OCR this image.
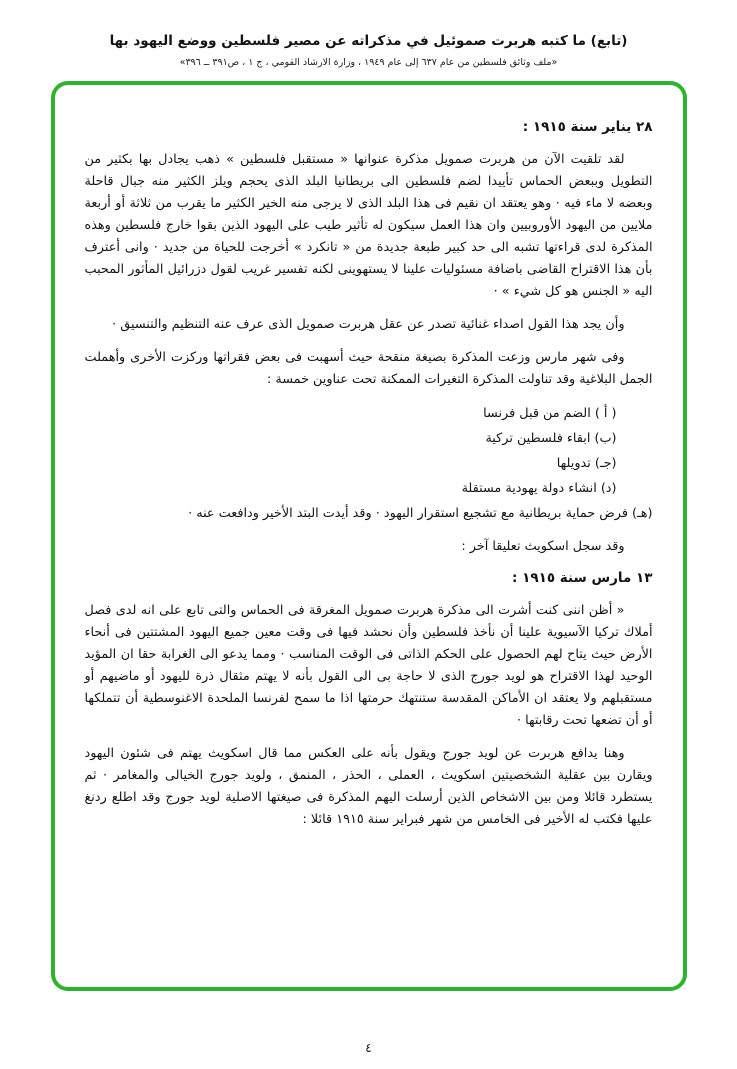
(تابع) ما كتبه هربرت صموئيل في مذكراته عن مصير فلسطين ووضع اليهود بها
«ملف وثائق فلسطين من عام ٦٣٧ إلى عام ١٩٤٩ ، وزارة الارشاد القومي ، ج ١ ، ص٣٩١ ــ ٣٩٦»
٢٨ يناير سنة ١٩١٥ :

لقد تلقيت الآن من هربرت صمويل مذكرة عنوانها « مستقبل فلسطين » ذهب يجادل بها بكثير من التطويل وببعض الحماس تأييدا لضم فلسطين الى بريطانيا البلد الذى يحجم ويلز الكثير منه جبال قاحلة وبعضه لا ماء فيه · وهو يعتقد ان نقيم فى هذا البلد الذى لا يرجى منه الخير الكثير ما يقرب من ثلاثة أو أربعة ملايين من اليهود الأوروبيين وان هذا العمل سيكون له تأثير طيب على اليهود الذين بقوا خارج فلسطين وهذه المذكرة لدى قراءتها تشبه الى حد كبير طبعة جديدة من « تانكرد » أخرجت للحياة من جديد · وانى أعترف بأن هذا الاقتراح القاضى باضافة مسئوليات علينا لا يستهوينى لكنه تفسير غريب لقول دزرائيل المأثور المحبب اليه « الجنس هو كل شيء » ·

وأن يجد هذا القول اصداء غنائية تصدر عن عقل هربرت صمويل الذى عرف عنه التنظيم والتنسيق ·

وفى شهر مارس وزعت المذكرة بصيغة منقحة حيث أسهبت فى بعض فقراتها وركزت الأخرى وأهملت الجمل البلاغية وقد تناولت المذكرة التغيرات الممكنة تحت عناوين خمسة :

( أ ) الضم من قبل فرنسا
(ب) ابقاء فلسطين تركية
(جـ) تدويلها
(د) انشاء دولة يهودية مستقلة
(هـ) فرض حماية بريطانية مع تشجيع استقرار اليهود · وقد أيدت البتد الأخير ودافعت عنه ·

وقد سجل اسكويث تعليقا آخر :

١٣ مارس سنة ١٩١٥ :

« أظن اننى كنت أشرت الى مذكرة هربرت صمويل المغرقة فى الحماس والتى تابع على انه لدى فصل أملاك تركيا الآسيوية علينا أن نأخذ فلسطين وأن نحشد فيها فى وقت معين جميع اليهود المشتتين فى أنحاء الأرض حيث يتاح لهم الحصول على الحكم الذاتى فى الوقت المناسب · ومما يدعو الى الغرابة حقا ان المؤيد الوحيد لهذا الاقتراح هو لويد جورج الذى لا حاجة بى الى القول بأنه لا يهتم مثقال ذرة لليهود أو ماضيهم أو مستقبلهم ولا يعتقد ان الأماكن المقدسة ستنتهك حرمتها اذا ما سمح لفرنسا الملحدة الاغنوسطية أن تتملكها أو أن تضعها تحت رقابتها ·

وهنا يدافع هربرت عن لويد جورج ويقول بأنه على العكس مما قال اسكويث يهتم فى شئون اليهود ويقارن بين عقلية الشخصيتين اسكويث ، العملى ، الحذر ، المنمق ، ولويد جورج الخيالى والمغامر · ثم يستطرد قائلا ومن بين الاشخاص الذين أرسلت اليهم المذكرة فى صيغتها الاصلية لويد جورج وقد اطلع ردنغ عليها فكتب له الأخير فى الخامس من شهر فبراير سنة ١٩١٥ قائلا :

٤
